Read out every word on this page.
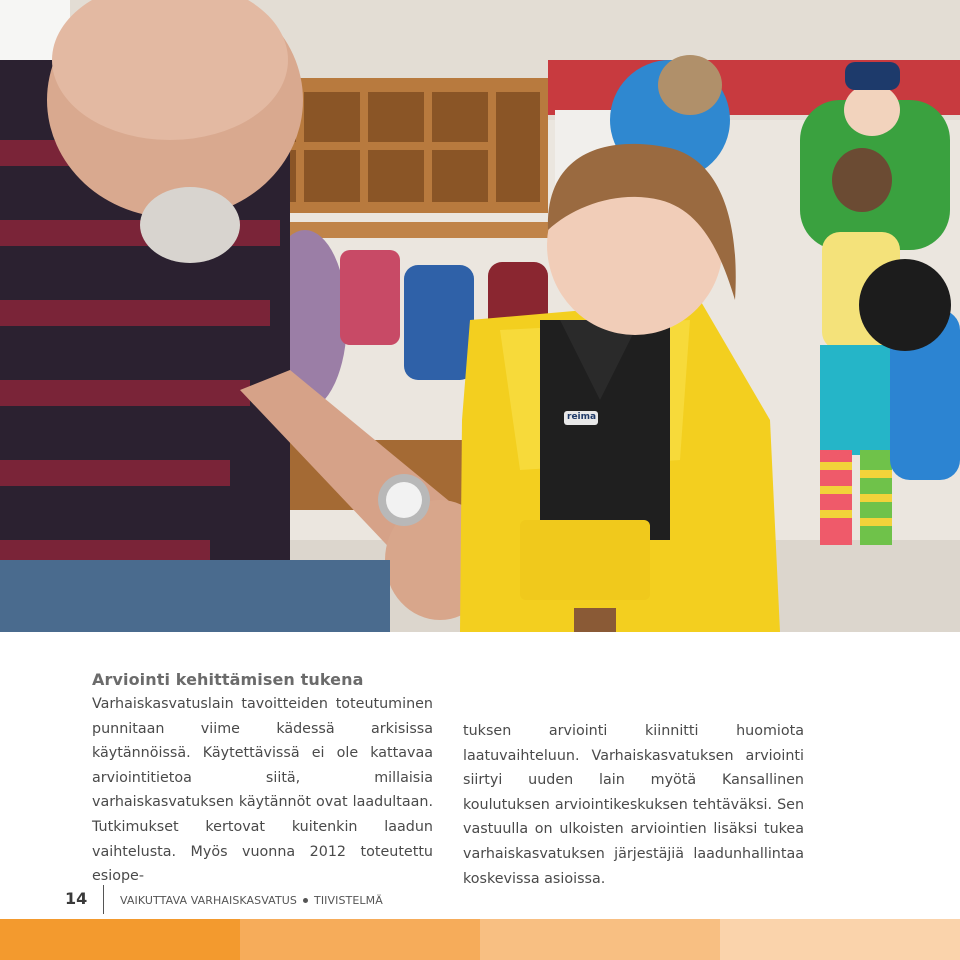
reima
Arviointi kehittämisen tukena

Varhaiskasvatuslain tavoitteiden toteutuminen punnitaan viime kädessä arkisissa käytännöissä. Käytettävissä ei ole kattavaa arviointitietoa siitä, millaisia varhaiskasvatuksen käytännöt ovat laadultaan. Tutkimukset kertovat kuitenkin laadun vaihtelusta. Myös vuonna 2012 toteutettu esiope-

tuksen arviointi kiinnitti huomiota laatuvaihteluun. Varhaiskasvatuksen arviointi siirtyi uuden lain myötä Kansallinen koulutuksen arviointikeskuksen tehtäväksi. Sen vastuulla on ulkoisten arviointien lisäksi tukea varhaiskasvatuksen järjestäjiä laadunhallintaa koskevissa asioissa.

14	VAIKUTTAVA VARHAISKASVATUS TIIVISTELMÄ
